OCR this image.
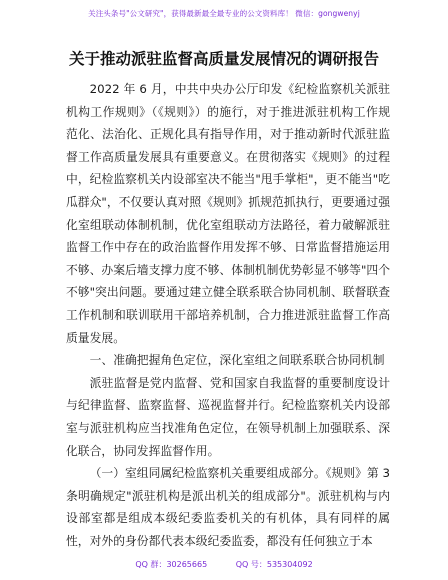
关注头条号"公文研究"，获得最新最全最专业的公文资料库！ 微信：gongwenyj
关于推动派驻监督高质量发展情况的调研报告

2022 年 6 月，中共中央办公厅印发《纪检监察机关派驻机构工作规则》（《规则》）的施行，对于推进派驻机构工作规范化、法治化、正规化具有指导作用，对于推动新时代派驻监督工作高质量发展具有重要意义。在贯彻落实《规则》的过程中，纪检监察机关内设部室决不能当"甩手掌柜"，更不能当"吃瓜群众"，不仅要认真对照《规则》抓规范抓执行，更要通过强化室组联动体制机制，优化室组联动方法路径，着力破解派驻监督工作中存在的政治监督作用发挥不够、日常监督措施运用不够、办案后墙支撑力度不够、体制机制优势彰显不够等"四个不够"突出问题。要通过建立健全联系联合协同机制、联督联查工作机制和联训联用干部培养机制，合力推进派驻监督工作高质量发展。

一、准确把握角色定位，深化室组之间联系联合协同机制

派驻监督是党内监督、党和国家自我监督的重要制度设计与纪律监督、监察监督、巡视监督并行。纪检监察机关内设部室与派驻机构应当找准角色定位，在领导机制上加强联系、深化联合，协同发挥监督作用。

（一）室组同属纪检监察机关重要组成部分。《规则》第 3 条明确规定"派驻机构是派出机关的组成部分"。派驻机构与内设部室都是组成本级纪委监委机关的有机体，具有同样的属性，对外的身份都代表本级纪委监委，都没有任何独立于本

QQ 群：30265665	QQ 号：535304092
